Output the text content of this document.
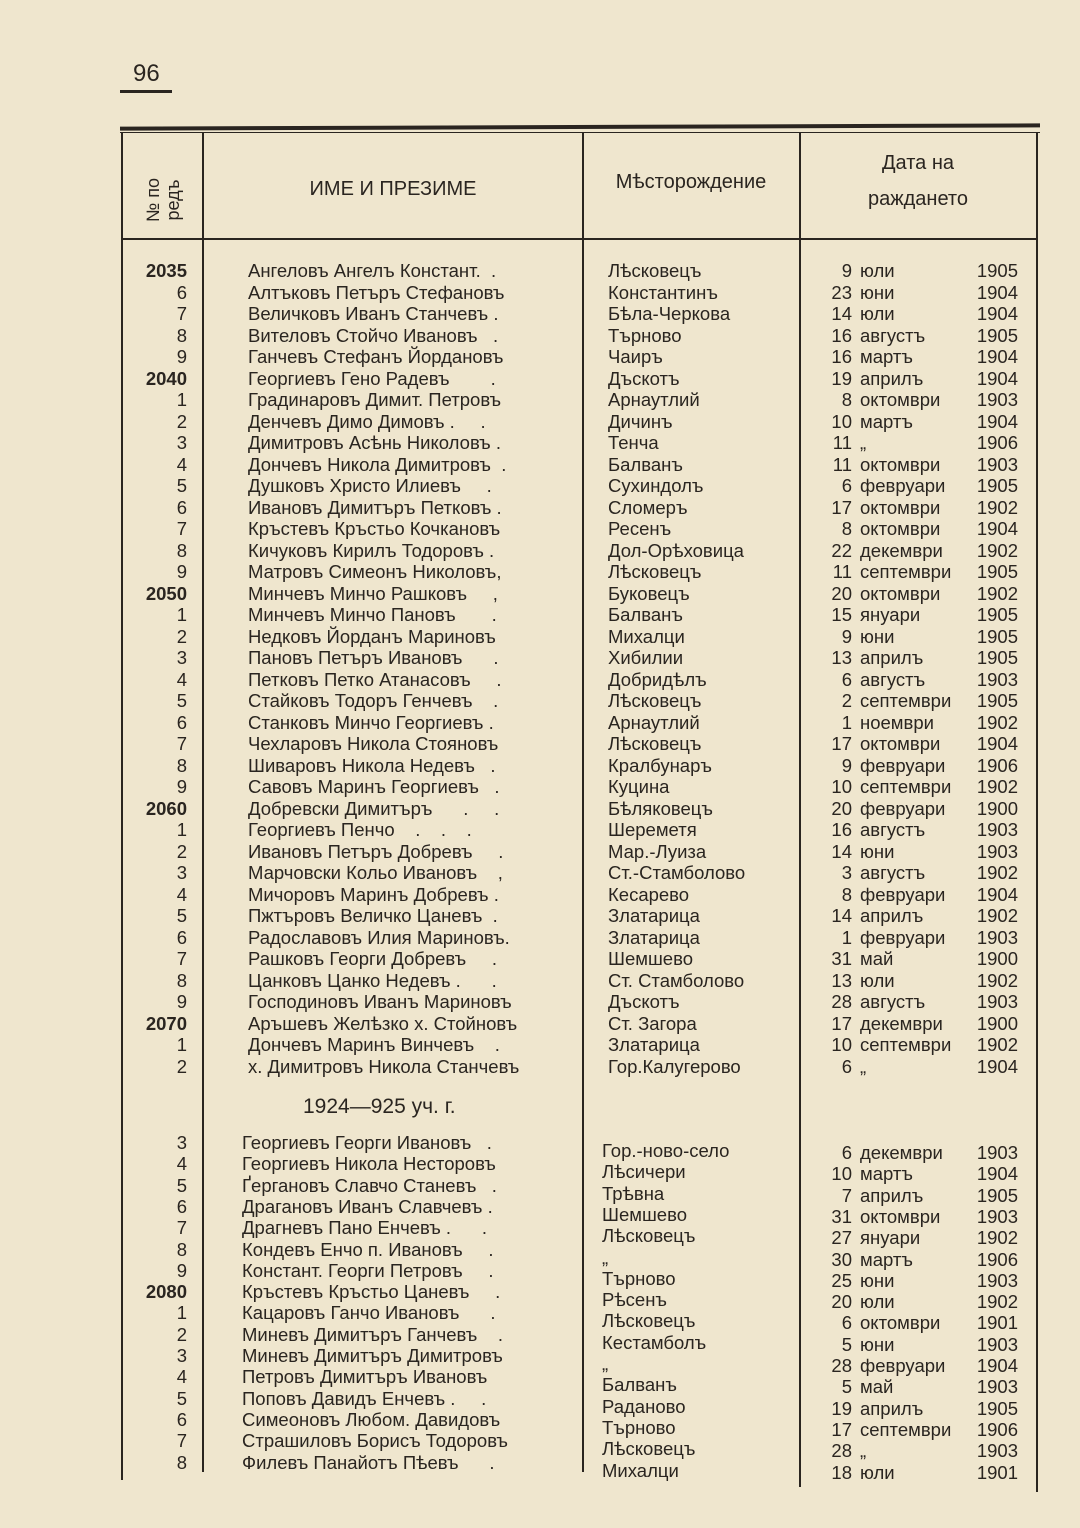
96
№ по редъ	ИМЕ И ПРЕЗИМЕ	Мѣсторождение
Дата на
раждането
2035	Ангеловъ Ангелъ Констант.  .	Лѣсковецъ	9 юли	1905
6	Алтъковъ Петъръ Стефановъ	Константинъ	23 юни	1904
7	Величковъ Иванъ Станчевъ .	Бѣла-Черкова	14 юли	1904
8	Вителовъ Стойчо Ивановъ   .	Търново	16 августъ	1905
9	Ганчевъ Стефанъ Йордановъ	Чаиръ	16 мартъ	1904
2040	Георгиевъ Гено Радевъ        .	Дъскотъ	19 априлъ	1904
1	Градинаровъ Димит. Петровъ	Арнаутлий	8 октомври 1903
2	Денчевъ Димо Димовъ .     .	Дичинъ	10 мартъ	1904
3	Димитровъ Асѣнь Николовъ .	Тенча	11 „	1906
4	Дончевъ Никола Димитровъ  .	Балванъ	11 октомври 1903
5	Душковъ Христо Илиевъ     .	Сухиндолъ	6 февруари 1905
6	Ивановъ Димитъръ Петковъ .	Сломеръ	17 октомври 1902
7	Кръстевъ Кръстьо Кочкановъ	Ресенъ	8 октомври 1904
8	Кичуковъ Кирилъ Тодоровъ .	Дол-Орѣховица	22 декември 1902
9	Матровъ Симеонъ Николовъ,	Лѣсковецъ	11 септември 1905
2050	Минчевъ Минчо Рашковъ     ,	Буковецъ	20 октомври 1902
1	Минчевъ Минчо Пановъ       .	Балванъ	15 януари	1905
2	Недковъ Йорданъ Мариновъ	Михалци	9 юни	1905
3	Пановъ Петъръ Ивановъ      .	Хибилии	13 априлъ	1905
4	Петковъ Петко Атанасовъ     .	Добридѣлъ	6 августъ	1903
5	Стайковъ Тодоръ Генчевъ    .	Лѣсковецъ	2 септември 1905
6	Станковъ Минчо Георгиевъ .	Арнаутлий	1 ноември 1902
7	Чехларовъ Никола Стояновъ	Лѣсковецъ	17 октомври 1904
8	Шиваровъ Никола Недевъ   .	Кралбунаръ	9 февруари 1906
9	Савовъ Маринъ Георгиевъ   .	Куцина	10 септември 1902
2060	Добревски Димитъръ      .     .	Бѣляковецъ	20 февруари 1900
1	Георгиевъ Пенчо    .    .    .	Шереметя	16 августъ	1903
2	Ивановъ Петъръ Добревъ     .	Мар.-Луиза	14 юни	1903
3	Марчовски Кольо Ивановъ    ,	Ст.-Стамболово	3 августъ	1902
4	Мичоровъ Маринъ Добревъ .	Кесарево	8 февруари 1904
5	Пжтъровъ Величко Цаневъ  .	Златарица	14 априлъ	1902
6	Радославовъ Илия Мариновъ.	Златарица	1 февруари 1903
7	Рашковъ Георги Добревъ     .	Шемшево	31 май	1900
8	Цанковъ Цанко Недевъ .      .	Ст. Стамболово	13 юли	1902
9	Господиновъ Иванъ Мариновъ	Дъскотъ	28 августъ	1903
2070	Аръшевъ Желѣзко х. Стойновъ	Ст. Загора	17 декември 1900
1	Дончевъ Маринъ Винчевъ    .	Златарица	10 септември 1902
2	х. Димитровъ Никола Станчевъ	Гор.Калугерово	6 „	1904
1924—925 уч. г.
3	Георгиевъ Георги Ивановъ   .	Гор.-ново-село	6 декември 1903
4	Георгиевъ Никола Несторовъ	Лѣсичери	10 мартъ	1904
5	Ґергановъ Славчо Станевъ   .	Трѣвна	7 априлъ	1905
6	Драгановъ Иванъ Славчевъ .	Шемшево	31 октомври 1903
7	Драгневъ Пано Енчевъ .      .	Лѣсковецъ	27 януари	1902
8	Кондевъ Енчо п. Ивановъ     .	„	30 мартъ	1906
9	Констант. Георги Петровъ     .	Търново	25 юни	1903
2080	Кръстевъ Кръстьо Цаневъ     .	Рѣсенъ	20 юли	1902
1	Кацаровъ Ганчо Ивановъ      .	Лѣсковецъ	6 октомври 1901
2	Миневъ Димитъръ Ганчевъ    .	Кестамболъ	5 юни	1903
3	Миневъ Димитъръ Димитровъ	„	28 февруари 1904
4	Петровъ Димитъръ Ивановъ	Балванъ	5 май	1903
5	Поповъ Давидъ Енчевъ .     .	Раданово	19 априлъ	1905
6	Симеоновъ Любом. Давидовъ	Търново	17 септември 1906
7	Страшиловъ Борисъ Тодоровъ	Лѣсковецъ	28 „	1903
8	Филевъ Панайотъ Пѣевъ      .	Михалци	18 юли	1901
